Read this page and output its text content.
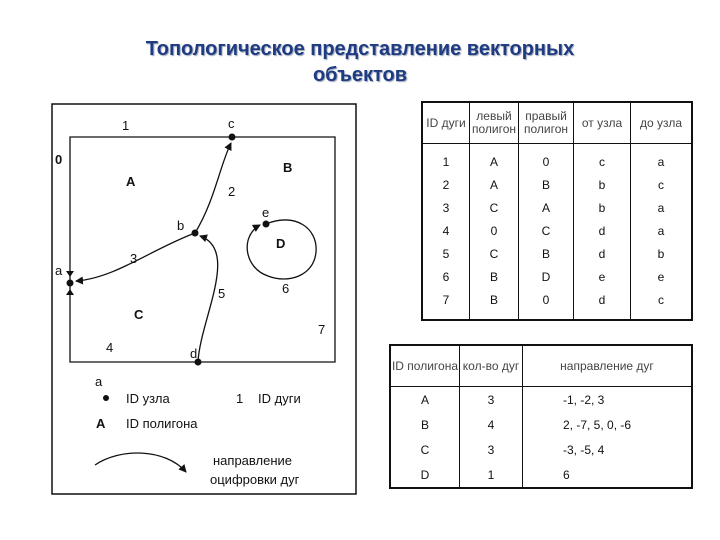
Топологическое представление векторных
объектов
c
b
a
d
e
1
2
3
4
5	6
7
0
A
B
C
D
a
ID узла	1 ID дуги
A ID полигона
направление
оцифровки дуг
ID дуги	левый полигон	правый полигон	от узла	до узла
1	A	0	c	a
2	A	B	b	c
3	C	A	b	a
4	0	C	d	a
5	C	B	d	b
6	B	D	e	e
7	B	0	d	c
ID полигона	кол-во дуг	направление дуг
A	3	-1, -2, 3
B	4	2, -7, 5, 0, -6
C	3	-3, -5, 4
D	1	6
